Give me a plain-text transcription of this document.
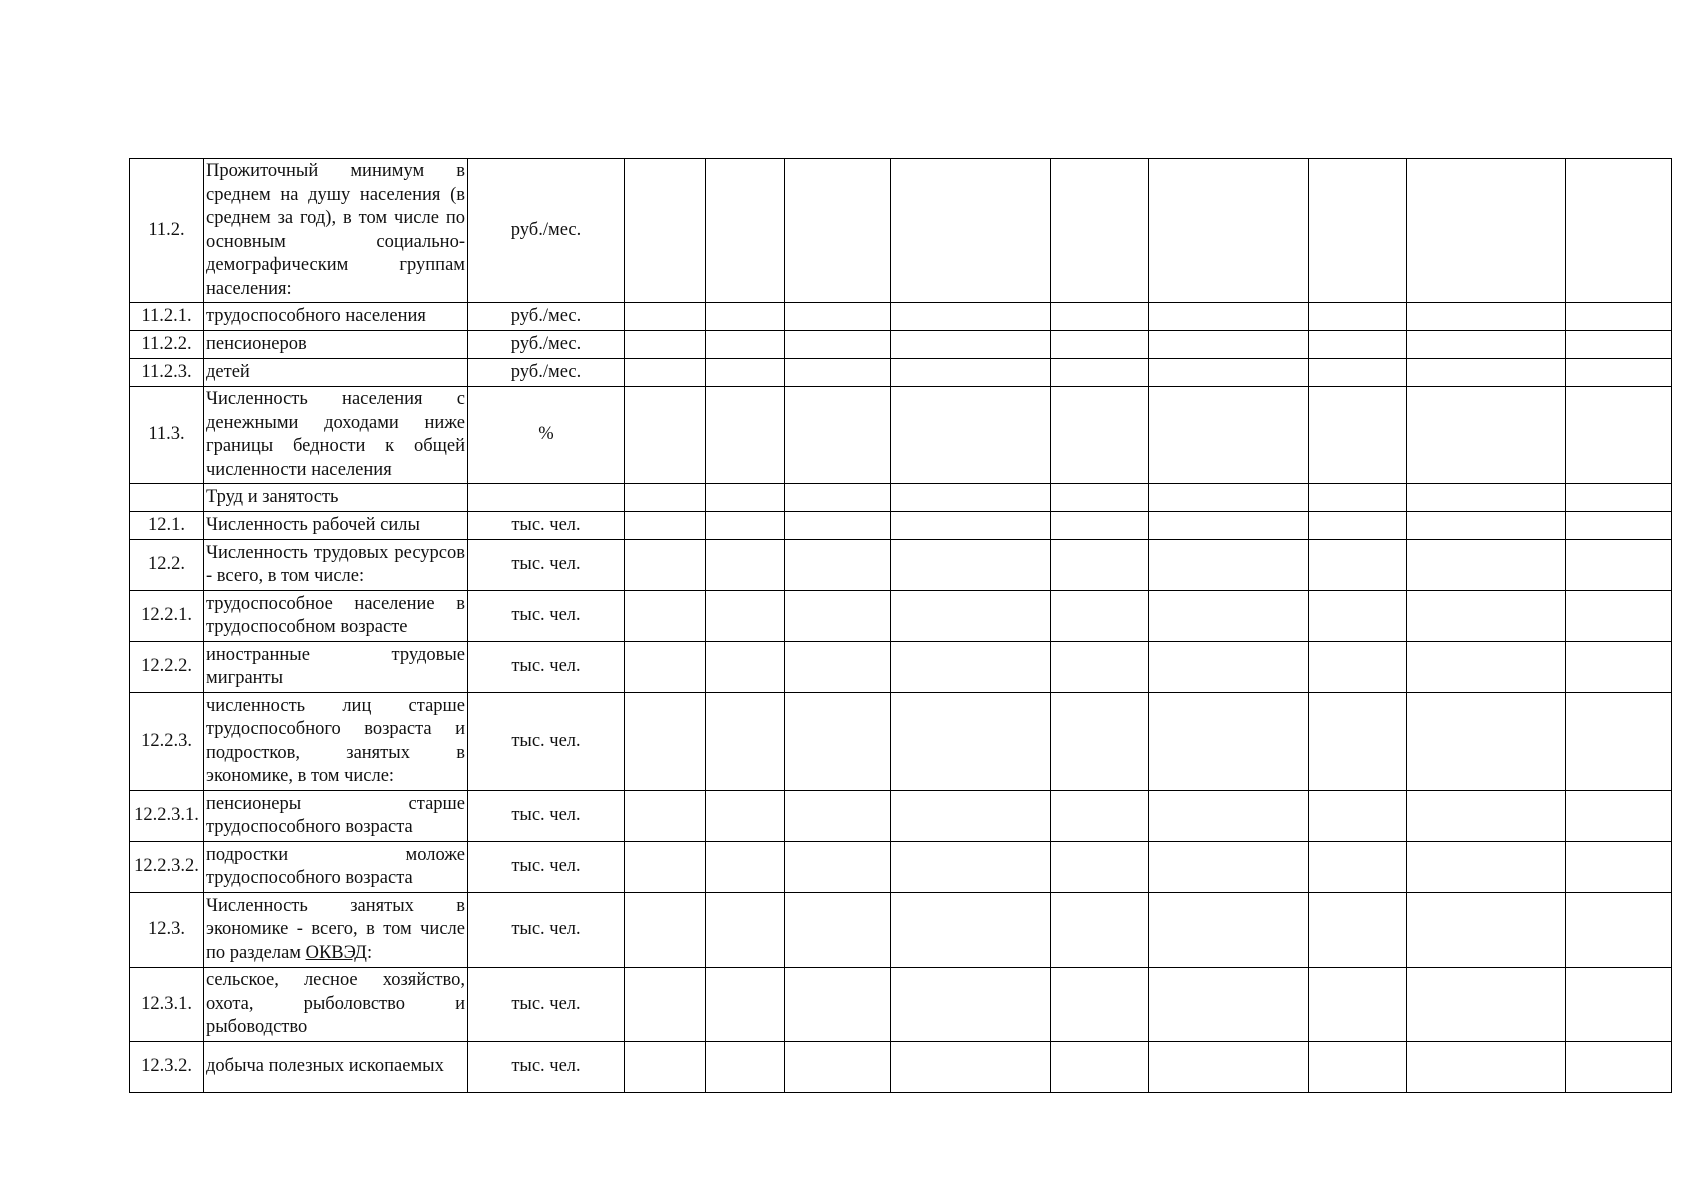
11.2.	Прожиточный минимум в среднем на душу населения (в среднем за год), в том числе по основным социально-демографическим группам населения:	руб./мес.									
11.2.1.	трудоспособного населения	руб./мес.									
11.2.2.	пенсионеров	руб./мес.									
11.2.3.	детей	руб./мес.									
11.3.	Численность населения с денежными доходами ниже границы бедности к общей численности населения	%									
	Труд и занятость										
12.1.	Численность рабочей силы	тыс. чел.									
12.2.	Численность трудовых ресурсов - всего, в том числе:	тыс. чел.									
12.2.1.	трудоспособное население в трудоспособном возрасте	тыс. чел.									
12.2.2.	иностранные трудовые мигранты	тыс. чел.									
12.2.3.	численность лиц старше трудоспособного возраста и подростков, занятых в экономике, в том числе:	тыс. чел.									
12.2.3.1.	пенсионеры старше трудоспособного возраста	тыс. чел.									
12.2.3.2.	подростки моложе трудоспособного возраста	тыс. чел.									
12.3.	Численность занятых в экономике - всего, в том числе по разделам ОКВЭД:	тыс. чел.									
12.3.1.	сельское, лесное хозяйство, охота, рыболовство и рыбоводство	тыс. чел.									
12.3.2.	добыча полезных ископаемых	тыс. чел.									
